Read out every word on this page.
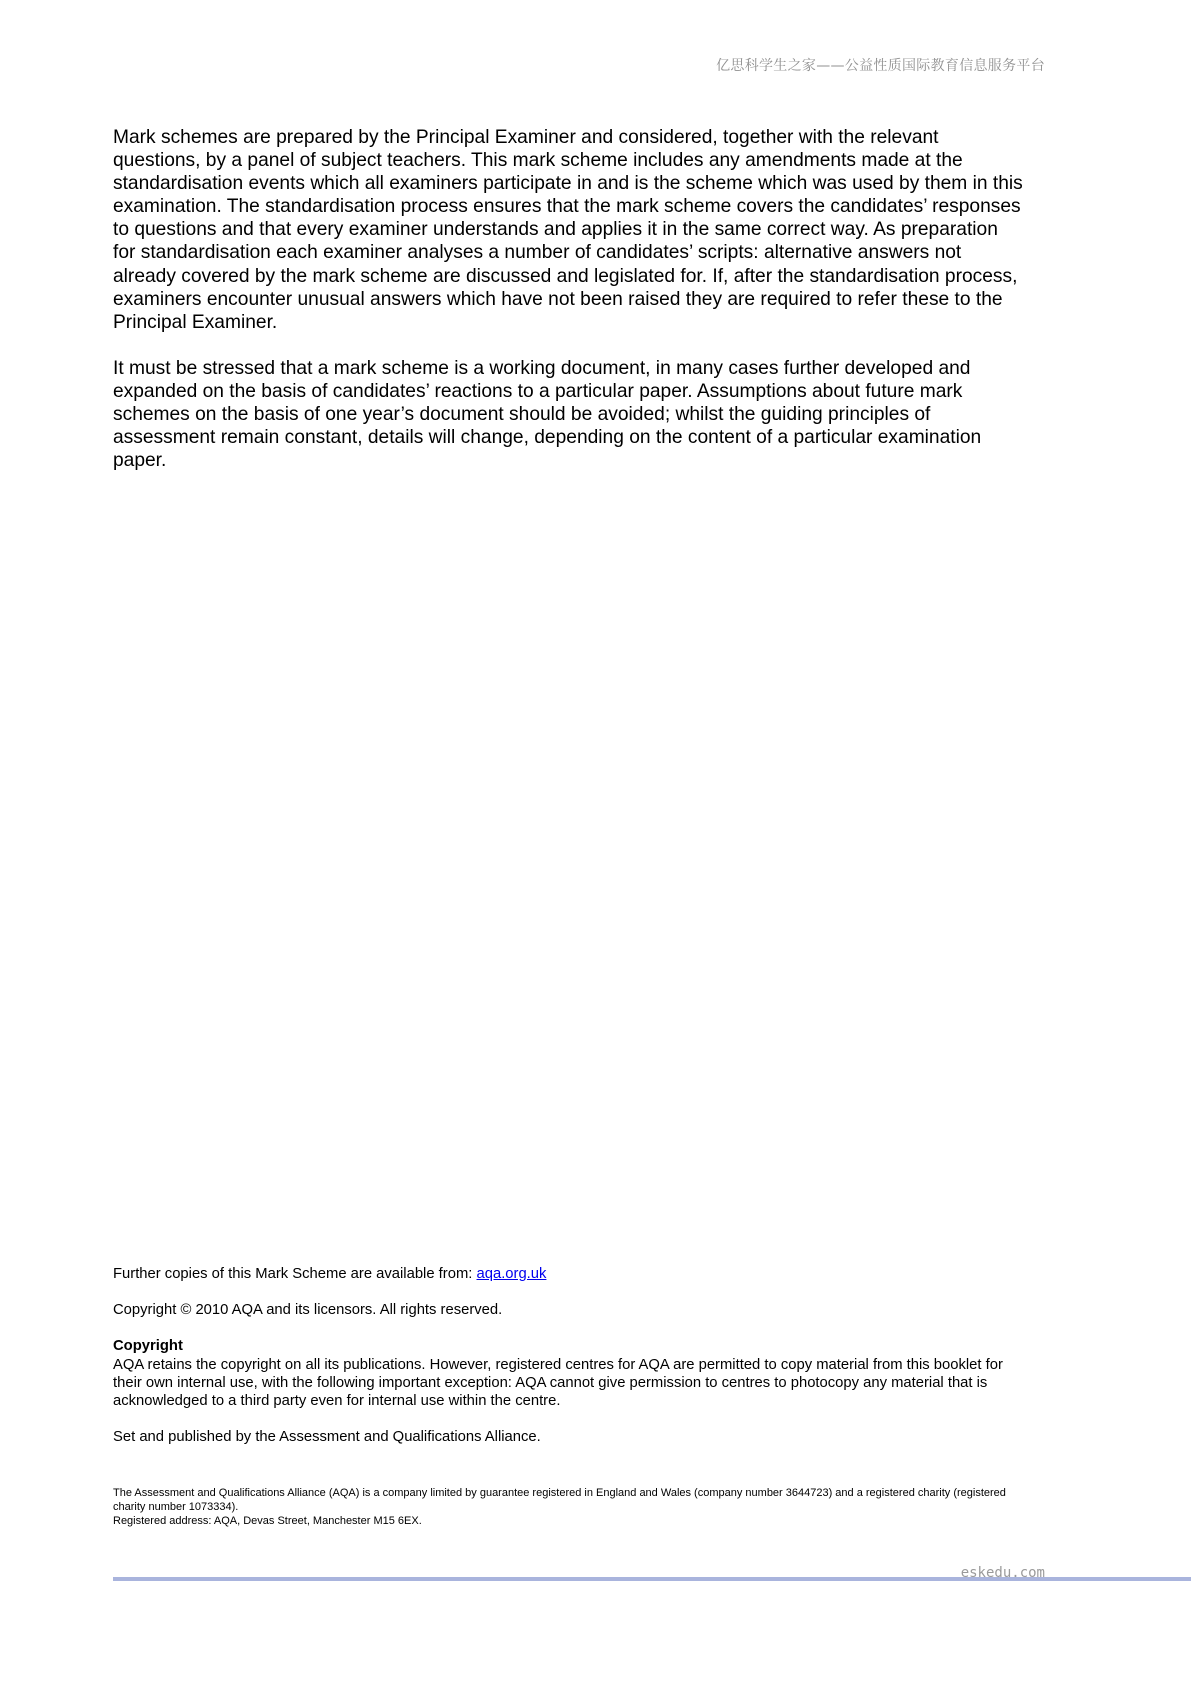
亿思科学生之家——公益性质国际教育信息服务平台

Mark schemes are prepared by the Principal Examiner and considered, together with the relevant questions, by a panel of subject teachers. This mark scheme includes any amendments made at the standardisation events which all examiners participate in and is the scheme which was used by them in this examination. The standardisation process ensures that the mark scheme covers the candidates’ responses to questions and that every examiner understands and applies it in the same correct way. As preparation for standardisation each examiner analyses a number of candidates’ scripts: alternative answers not already covered by the mark scheme are discussed and legislated for. If, after the standardisation process, examiners encounter unusual answers which have not been raised they are required to refer these to the Principal Examiner.

It must be stressed that a mark scheme is a working document, in many cases further developed and expanded on the basis of candidates’ reactions to a particular paper. Assumptions about future mark schemes on the basis of one year’s document should be avoided; whilst the guiding principles of assessment remain constant, details will change, depending on the content of a particular examination paper.

Further copies of this Mark Scheme are available from: aqa.org.uk

Copyright © 2010 AQA and its licensors. All rights reserved.

Copyright

AQA retains the copyright on all its publications. However, registered centres for AQA are permitted to copy material from this booklet for their own internal use, with the following important exception: AQA cannot give permission to centres to photocopy any material that is acknowledged to a third party even for internal use within the centre.

Set and published by the Assessment and Qualifications Alliance.

The Assessment and Qualifications Alliance (AQA) is a company limited by guarantee registered in England and Wales (company number 3644723) and a registered charity (registered charity number 1073334).

Registered address: AQA, Devas Street, Manchester M15 6EX.

eskedu.com
